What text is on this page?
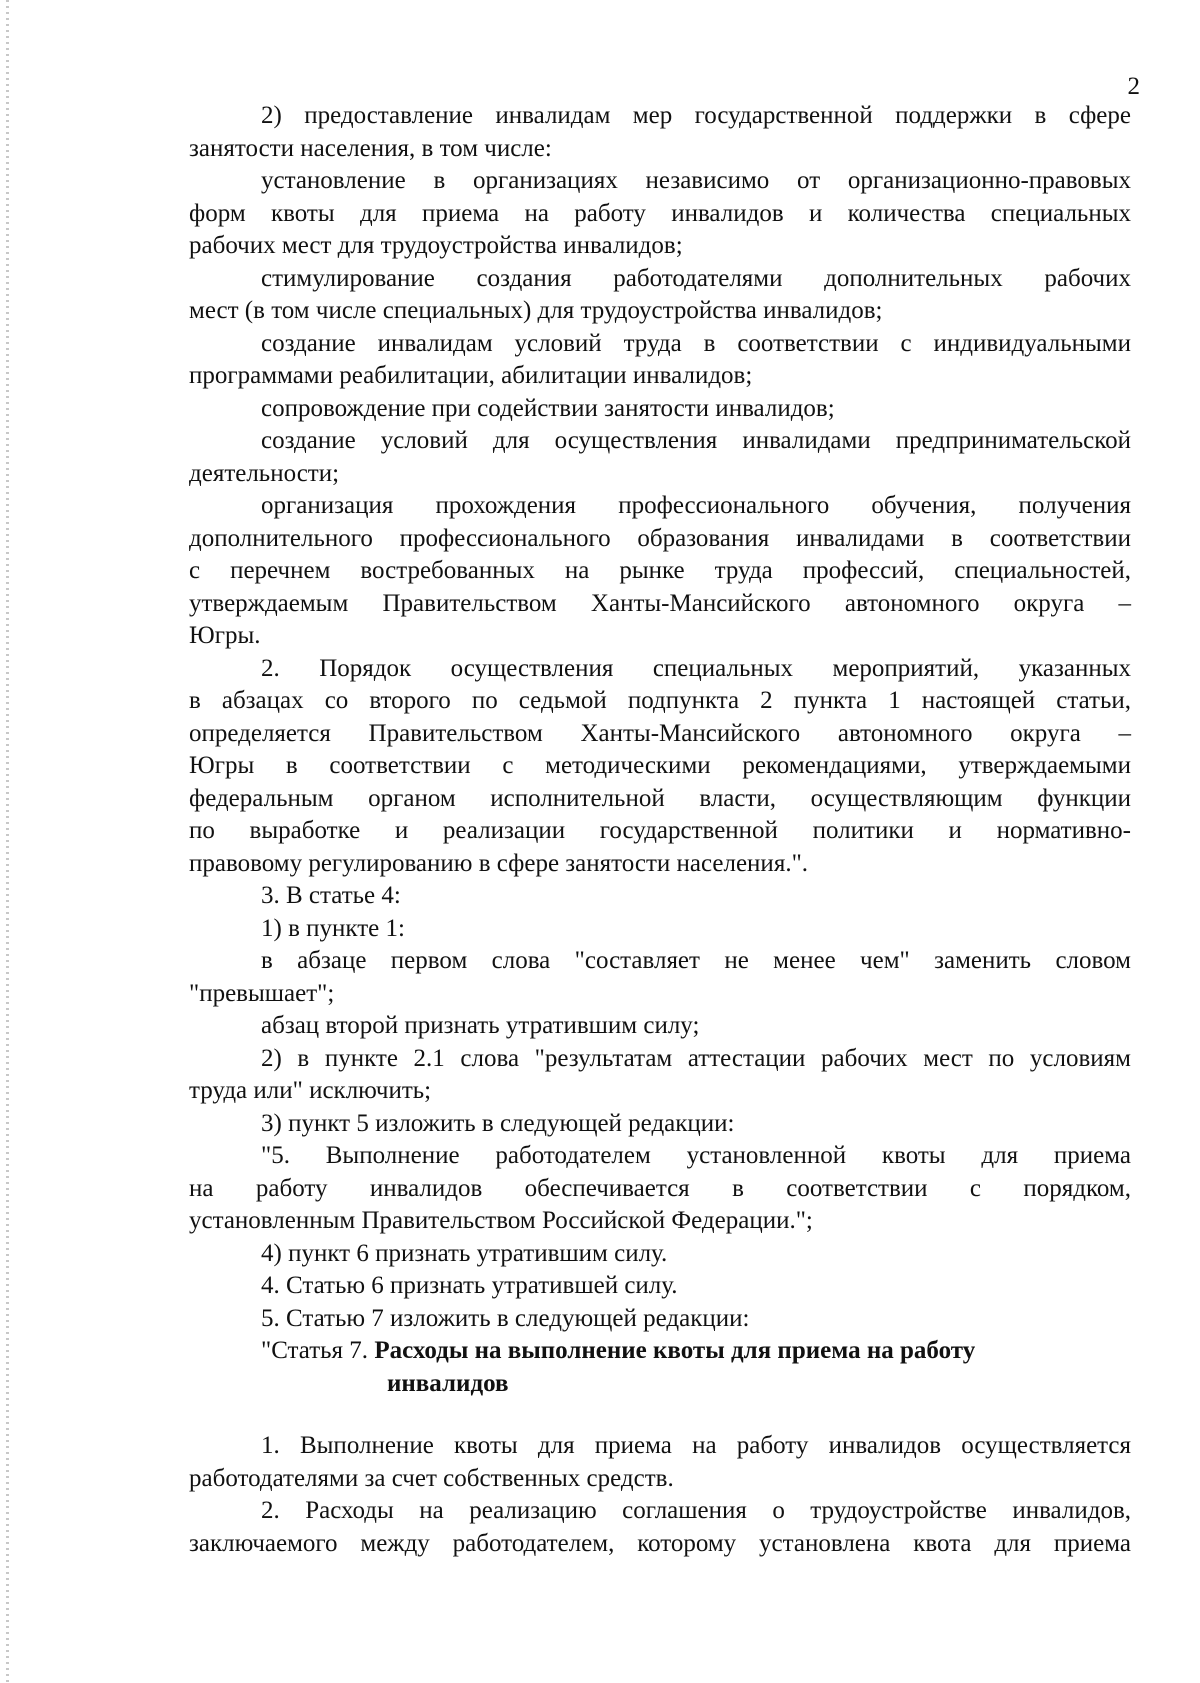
2
2) предоставление инвалидам мер государственной поддержки в сфере
занятости населения, в том числе:
установление в организациях независимо от организационно-правовых
форм квоты для приема на работу инвалидов и количества специальных
рабочих мест для трудоустройства инвалидов;
стимулирование создания работодателями дополнительных рабочих
мест (в том числе специальных) для трудоустройства инвалидов;
создание инвалидам условий труда в соответствии с индивидуальными
программами реабилитации, абилитации инвалидов;
сопровождение при содействии занятости инвалидов;
создание условий для осуществления инвалидами предпринимательской
деятельности;
организация прохождения профессионального обучения, получения
дополнительного профессионального образования инвалидами в соответствии
с перечнем востребованных на рынке труда профессий, специальностей,
утверждаемым Правительством Ханты-Мансийского автономного округа –
Югры.
2. Порядок осуществления специальных мероприятий, указанных
в абзацах со второго по седьмой подпункта 2 пункта 1 настоящей статьи,
определяется Правительством Ханты-Мансийского автономного округа –
Югры в соответствии с методическими рекомендациями, утверждаемыми
федеральным органом исполнительной власти, осуществляющим функции
по выработке и реализации государственной политики и нормативно-
правовому регулированию в сфере занятости населения.".
3. В статье 4:
1) в пункте 1:
в абзаце первом слова "составляет не менее чем" заменить словом
"превышает";
абзац второй признать утратившим силу;
2) в пункте 2.1 слова "результатам аттестации рабочих мест по условиям
труда или" исключить;
3) пункт 5 изложить в следующей редакции:
"5. Выполнение работодателем установленной квоты для приема
на работу инвалидов обеспечивается в соответствии с порядком,
установленным Правительством Российской Федерации.";
4) пункт 6 признать утратившим силу.
4. Статью 6 признать утратившей силу.
5. Статью 7 изложить в следующей редакции:
"Статья 7. Расходы на выполнение квоты для приема на работу
инвалидов
1. Выполнение квоты для приема на работу инвалидов осуществляется
работодателями за счет собственных средств.
2. Расходы на реализацию соглашения о трудоустройстве инвалидов,
заключаемого между работодателем, которому установлена квота для приема
